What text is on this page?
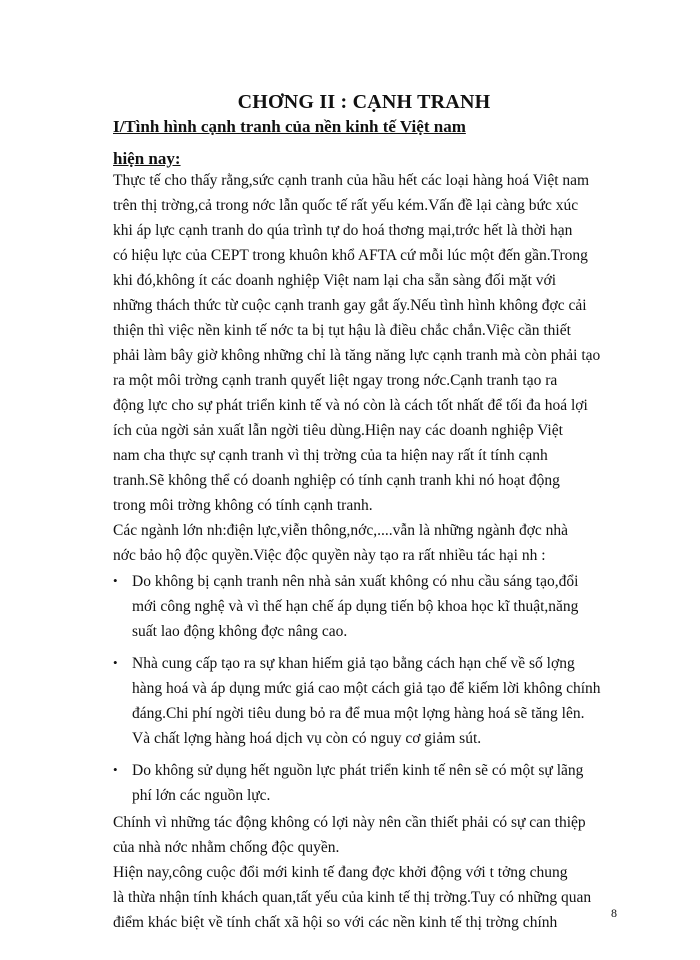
CHƠNG II : CẠNH TRANH
I/Tình hình cạnh tranh của nền kinh tế Việt nam
hiện nay:
Thực tế cho thấy rằng,sức cạnh tranh của hầu hết các loại hàng hoá Việt nam
trên thị trờng,cả trong nớc lẫn quốc tế rất yếu kém.Vấn đề lại càng bức xúc
khi áp lực cạnh tranh do qúa trình tự do hoá thơng mại,trớc hết là thời hạn
có hiệu lực của CEPT trong khuôn khổ AFTA cứ mỗi lúc một đến gần.Trong
khi đó,không ít các doanh nghiệp Việt nam lại cha sẵn sàng đối mặt với
những thách thức từ cuộc cạnh tranh gay gắt ấy.Nếu tình hình không đợc cải
thiện thì việc nền kinh tế nớc ta bị tụt hậu là điều chắc chắn.Việc cần thiết
phải làm bây giờ không những chỉ là tăng năng lực cạnh tranh mà còn phải tạo
ra một môi trờng cạnh tranh quyết liệt ngay trong nớc.Cạnh tranh tạo ra
động lực cho sự phát triển kinh tế và nó còn là cách tốt nhất để tối đa hoá lợi
ích của ngời sản xuất lẫn ngời tiêu dùng.Hiện nay các doanh nghiệp Việt
nam cha thực sự cạnh tranh vì thị trờng của ta hiện nay rất ít tính cạnh
tranh.Sẽ không thể có doanh nghiệp có tính cạnh tranh khi nó hoạt động
trong môi trờng không có tính cạnh tranh.
Các ngành lớn nh:điện lực,viễn thông,nớc,....vẫn là những ngành đợc nhà
nớc bảo hộ độc quyền.Việc độc quyền này tạo ra rất nhiều tác hại nh :
• Do không bị cạnh tranh nên nhà sản xuất không có nhu cầu sáng tạo,đổi
mới công nghệ và vì thế hạn chế áp dụng tiến bộ khoa học kĩ thuật,năng
suất lao động không đợc nâng cao.
• Nhà cung cấp tạo ra sự khan hiếm giả tạo bằng cách hạn chế về số lợng
hàng hoá và áp dụng mức giá cao một cách giả tạo để kiếm lời không chính
đáng.Chi phí ngời tiêu dung bỏ ra để mua một lợng hàng hoá sẽ tăng lên.
Và chất lợng hàng hoá dịch vụ còn có nguy cơ giảm sút.
• Do không sử dụng hết nguồn lực phát triển kinh tế nên sẽ có một sự lãng
phí lớn các nguồn lực.
Chính vì những tác động không có lợi này nên cần thiết phải có sự can thiệp
của nhà nớc nhằm chống độc quyền.
Hiện nay,công cuộc đổi mới kinh tế đang đợc khởi động với t tởng chung
là thừa nhận tính khách quan,tất yếu của kinh tế thị trờng.Tuy có những quan
điểm khác biệt về tính chất xã hội so với các nền kinh tế thị trờng chính
8
